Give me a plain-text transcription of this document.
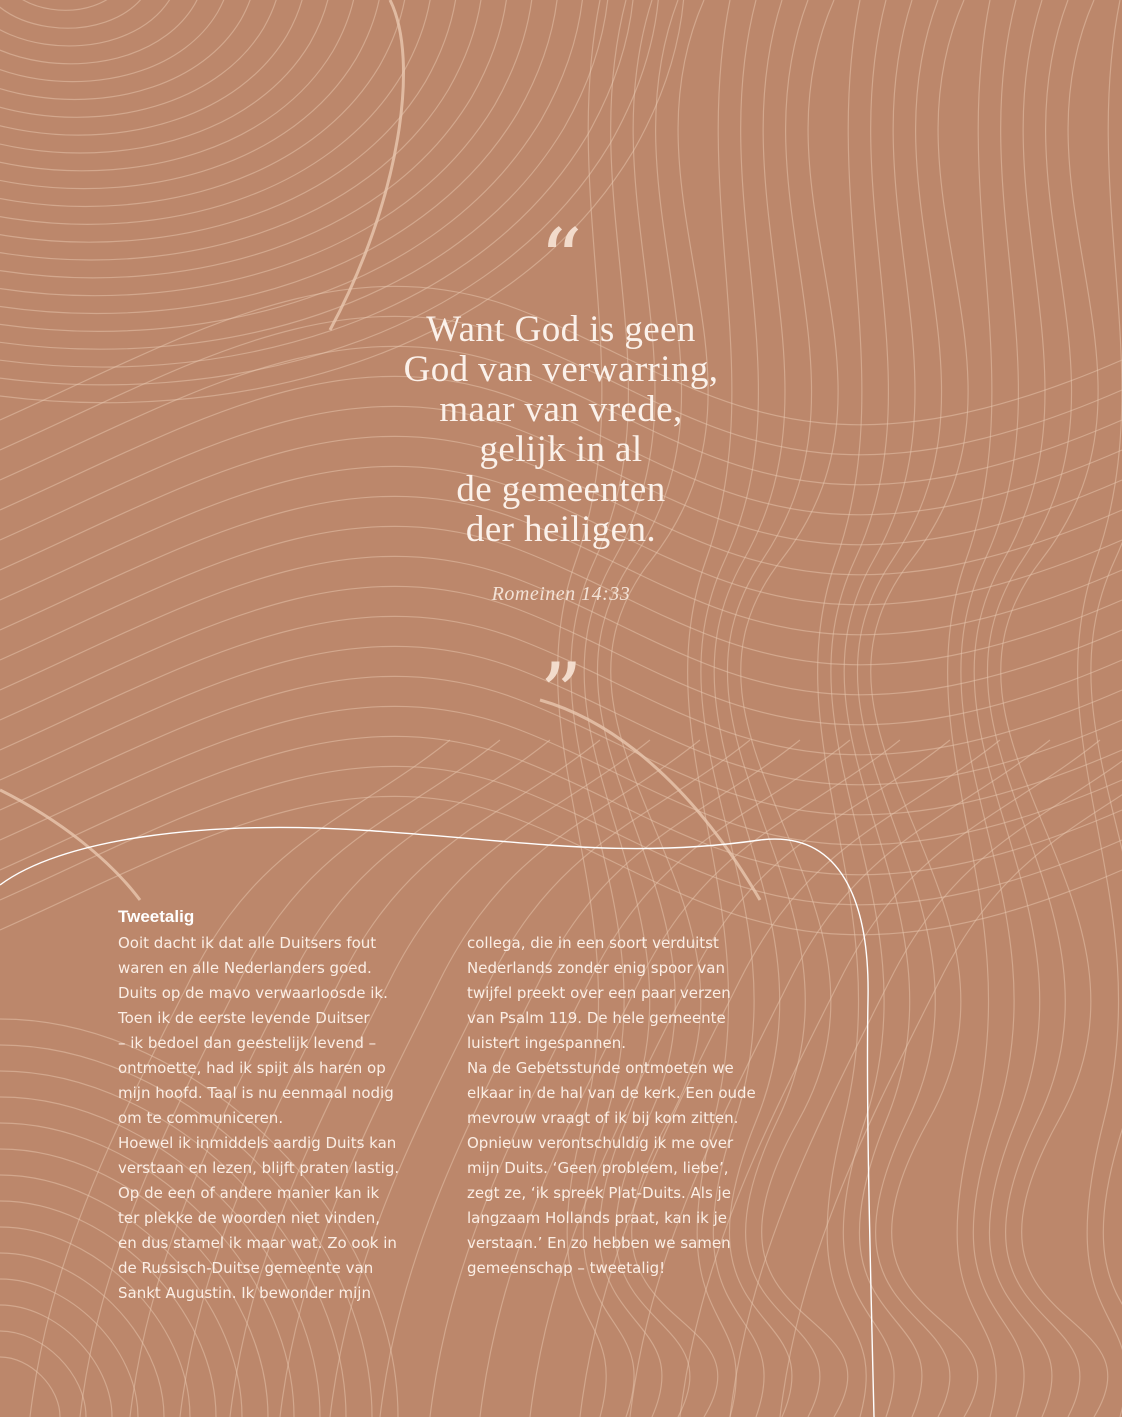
“
Want God is geen
God van verwarring,
maar van vrede,
gelijk in al
de gemeenten
der heiligen.
Romeinen 14:33
”
Tweetalig
Ooit dacht ik dat alle Duitsers fout
waren en alle Nederlanders goed.
Duits op de mavo verwaarloosde ik.
Toen ik de eerste levende Duitser
– ik bedoel dan geestelijk levend –
ontmoette, had ik spijt als haren op
mijn hoofd. Taal is nu eenmaal nodig
om te communiceren.
Hoewel ik inmiddels aardig Duits kan
verstaan en lezen, blijft praten lastig.
Op de een of andere manier kan ik
ter plekke de woorden niet vinden,
en dus stamel ik maar wat. Zo ook in
de Russisch-Duitse gemeente van
Sankt Augustin. Ik bewonder mijn
collega, die in een soort verduitst
Nederlands zonder enig spoor van
twijfel preekt over een paar verzen
van Psalm 119. De hele gemeente
luistert ingespannen.
Na de Gebetsstunde ontmoeten we
elkaar in de hal van de kerk. Een oude
mevrouw vraagt of ik bij kom zitten.
Opnieuw verontschuldig ik me over
mijn Duits. ‘Geen probleem, liebe’,
zegt ze, ‘ik spreek Plat-Duits. Als je
langzaam Hollands praat, kan ik je
verstaan.’ En zo hebben we samen
gemeenschap – tweetalig!
